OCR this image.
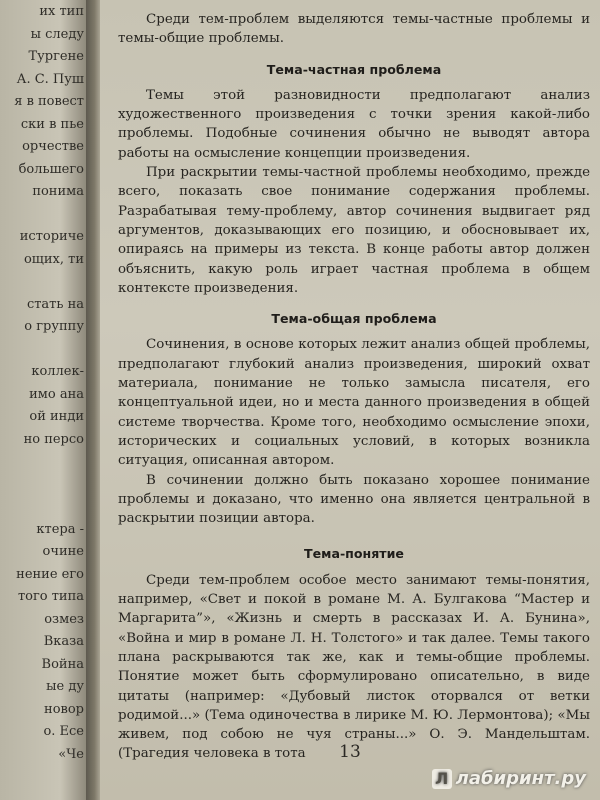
их тип
ы следу
Тургене
А. С. Пуш
я в повест
ски в пье
орчестве
большего
понима
историче
ощих, ти
стать на
о группу
коллек-
имо ана
ой инди
но персо
ктера -
очине
нение его
того типа
озмез
Вказа
Война
ые ду
новор
о. Есе
«Че

Среди тем-проблем выделяются темы-частные проблемы и темы-общие проблемы.

Тема-частная проблема

Темы этой разновидности предполагают анализ художественного произведения с точки зрения какой-либо проблемы. Подобные сочинения обычно не выводят автора работы на осмысление концепции произведения.

При раскрытии темы-частной проблемы необходимо, прежде всего, показать свое понимание содержания проблемы. Разрабатывая тему-проблему, автор сочинения выдвигает ряд аргументов, доказывающих его позицию, и обосновывает их, опираясь на примеры из текста. В конце работы автор должен объяснить, какую роль играет частная проблема в общем контексте произведения.

Тема-общая проблема

Сочинения, в основе которых лежит анализ общей проблемы, предполагают глубокий анализ произведения, широкий охват материала, понимание не только замысла писателя, его концептуальной идеи, но и места данного произведения в общей системе творчества. Кроме того, необходимо осмысление эпохи, исторических и социальных условий, в которых возникла ситуация, описанная автором.

В сочинении должно быть показано хорошее понимание проблемы и доказано, что именно она является центральной в раскрытии позиции автора.

Тема-понятие

Среди тем-проблем особое место занимают темы-понятия, например, «Свет и покой в романе М. А. Булгакова “Мастер и Маргарита”», «Жизнь и смерть в рассказах И. А. Бунина», «Война и мир в романе Л. Н. Толстого» и так далее. Темы такого плана раскрываются так же, как и темы-общие проблемы. Понятие может быть сформулировано описательно, в виде цитаты (например: «Дубовый листок оторвался от ветки родимой...» (Тема одиночества в лирике М. Ю. Лермонтова); «Мы живем, под собою не чуя страны...» О. Э. Мандельштам. (Трагедия человека в тота	13
Л лабиринт.ру
